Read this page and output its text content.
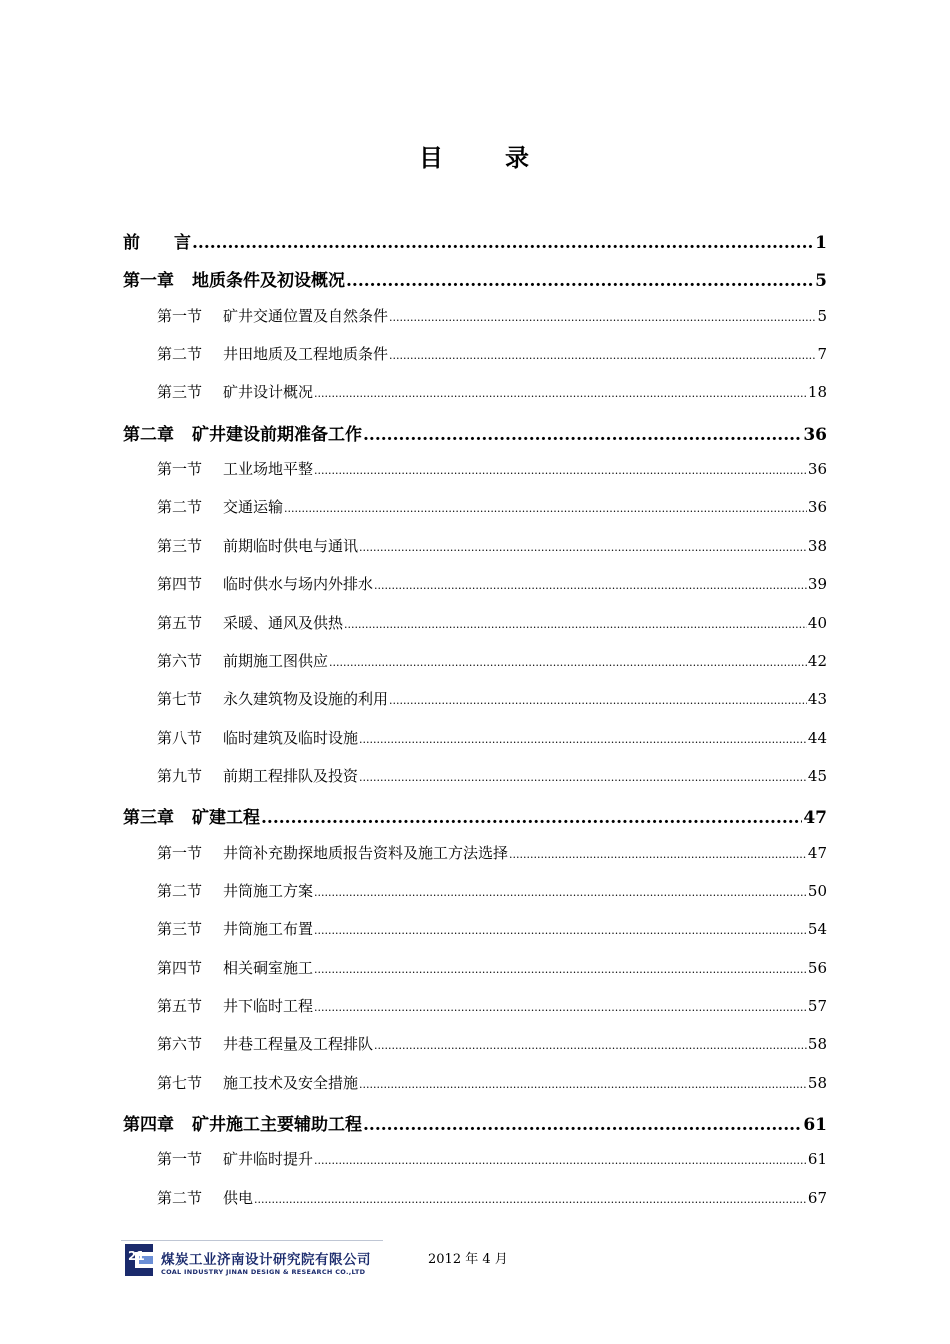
目	录
前　　言 .....	1
第一章 地质条件及初设概况 .....	5
第一节	矿井交通位置及自然条件 .....	5
第二节	井田地质及工程地质条件 .....	7
第三节	矿井设计概况 .....	18
第二章 矿井建设前期准备工作 .....	36
第一节	工业场地平整 .....	36
第二节	交通运输 .....	36
第三节	前期临时供电与通讯 .....	38
第四节	临时供水与场内外排水 .....	39
第五节	采暖、通风及供热 .....	40
第六节	前期施工图供应 .....	42
第七节	永久建筑物及设施的利用 .....	43
第八节	临时建筑及临时设施 .....	44
第九节	前期工程排队及投资 .....	45
第三章 矿建工程 .....	47
第一节	井筒补充勘探地质报告资料及施工方法选择 .....	47
第二节	井筒施工方案 .....	50
第三节	井筒施工布置 .....	54
第四节	相关硐室施工 .....	56
第五节	井下临时工程 .....	57
第六节	井巷工程量及工程排队 .....	58
第七节	施工技术及安全措施 .....	58
第四章 矿井施工主要辅助工程 .....	61
第一节	矿井临时提升 .....	61
第二节	供电 .....	67
煤炭工业济南设计研究院有限公司
COAL INDUSTRY JINAN DESIGN & RESEARCH CO.,LTD
21	2012 年 4 月
